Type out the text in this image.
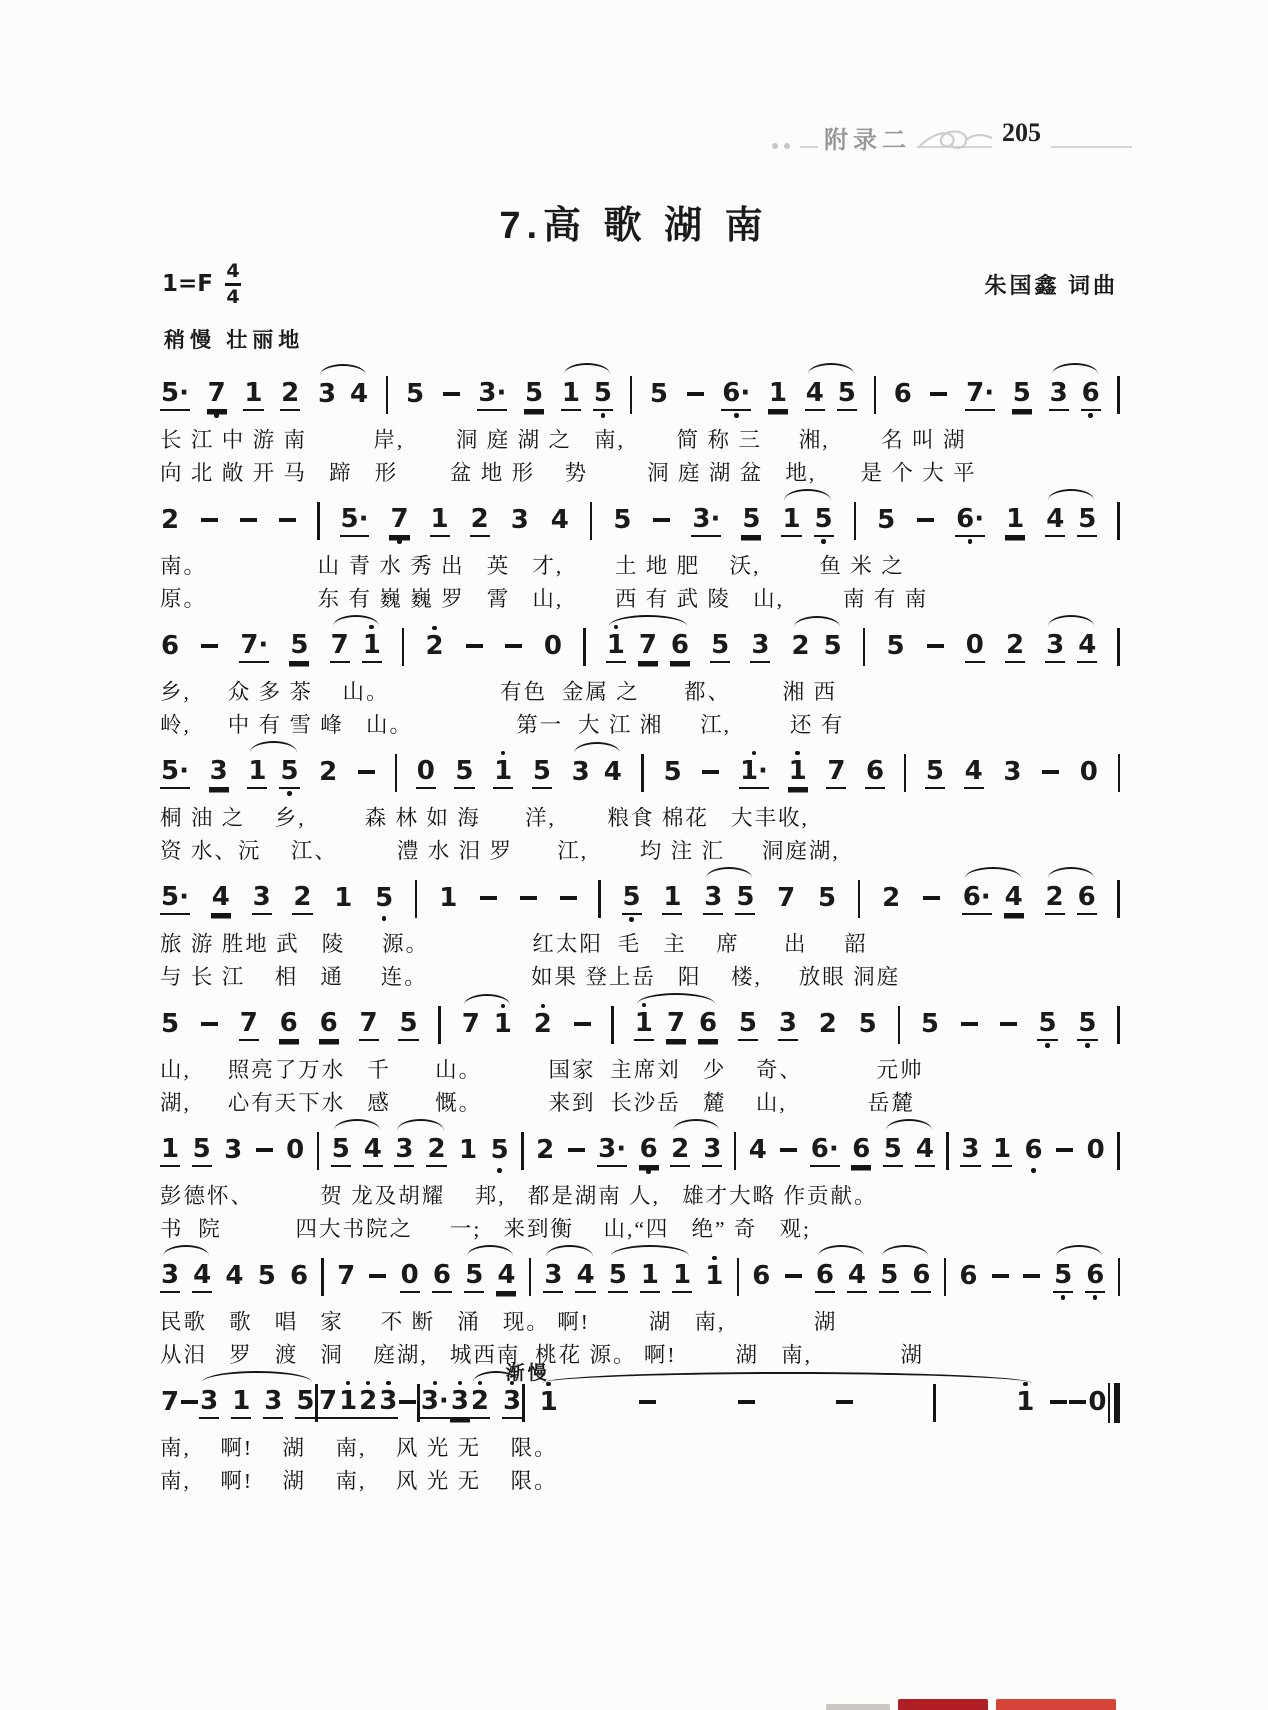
附录二	205
7.高 歌 湖 南
$1=F \frac{4}{4}$	朱国鑫 词曲
稍慢 壮丽地
5· 7 1 2 3 4 5 3· 5 1 5 5 6· 1 4 5 6 7· 5 3 6
长 江 中 游 南         岸,       洞 庭 湖 之   南,       简 称 三     湘,       名 叫 湖
向 北 敞 开 马   蹄   形       盆 地 形    势        洞 庭 湖 盆   地,      是 个 大 平
2	5· 7 1 2 3 4 5 3· 5 1 5 5 6· 1 4 5
南。               山 青 水 秀 出   英   才,       土 地 肥    沃,        鱼 米 之
原。               东 有 巍 巍 罗   霄   山,       西 有 武 陵   山,        南 有 南
6 7· 5 7 1 2	0 1 7 6 5 3 2 5 5 0 2 3 4
乡,     众 多 茶    山。               有色  金属 之      都、       湘 西
岭,     中 有 雪 峰   山。              第一  大 江 湘     江,        还 有
5· 3 1 5 2	0 5 1 5 3 4 5 1· 1 7 6 5 4 3 0
桐 油 之    乡,        森 林 如 海      洋,       粮食 棉花   大丰收,
资 水、沅    江、        澧 水 汨 罗      江,       均 注 汇     洞庭湖,
5· 4 3 2 1 5 1	5 1 3 5 7 5 2 6· 4 2 6
旅 游 胜地 武   陵     源。              红太阳  毛   主    席      出     韶
与 长 江    相   通     连。              如果 登上岳   阳    楼,     放眼 洞庭
5 7 6 6 7 5 7 1 2	1 7 6 5 3 2 5 5	5 5
山,     照亮了万水   千      山。         国家  主席刘   少    奇、          元帅
湖,     心有天下水   感      慨。         来到  长沙岳   麓    山,           岳麓
1 5 3 0 5 4 3 2 1 5 2 3· 6 2 3 4 6· 6 5 4 3 1 6 0
彭德怀、         贺 龙及胡耀    邦,   都是湖南 人,   雄才大略 作贡献。
书  院          四大书院之     一;   来到衡    山,“四   绝” 奇   观;
3 4 4 5 6 7 0 6 5 4 3 4 5 1 1 1 6 6 4 5 6 6	5 6
民歌   歌   唱   家     不 断   涌   现。 啊!        湖   南,            湖
从汨   罗   渡   洞    庭湖,   城西南  桃花 源。 啊!        湖   南,            湖
7 3 1 3 5 7 1 2 3 3· 3 2 3 1	1 0
南,    啊!    湖    南,    风 光 无    限。
南,    啊!    湖    南,    风 光 无    限。
渐慢
